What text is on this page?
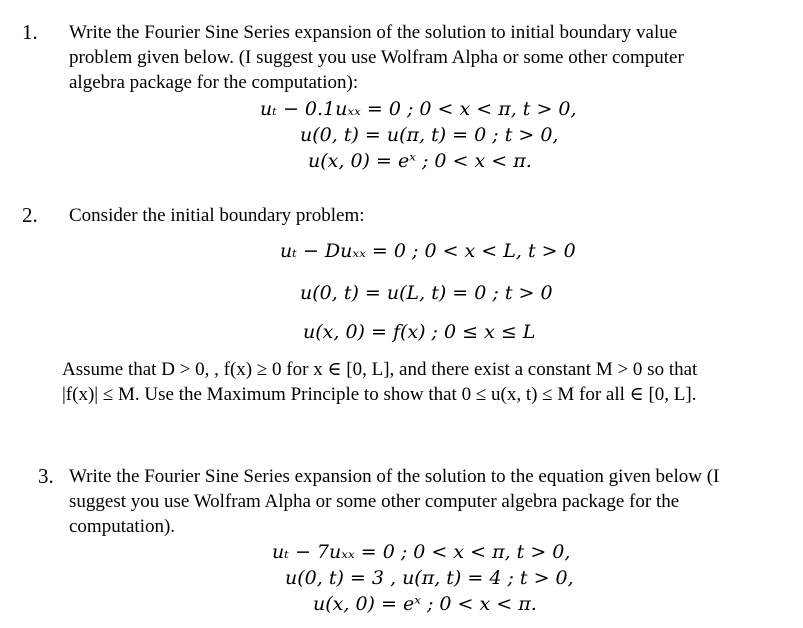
1. Write the Fourier Sine Series expansion of the solution to initial boundary value
problem given below. (I suggest you use Wolfram Alpha or some other computer
algebra package for the computation):
uₜ − 0.1uₓₓ = 0 ; 0 < x < π, t > 0,
u(0, t) = u(π, t) = 0 ; t > 0,
u(x, 0) = eˣ ; 0 < x < π.
2. Consider the initial boundary problem:
uₜ − Duₓₓ = 0 ; 0 < x < L, t > 0
u(0, t) = u(L, t) = 0 ; t > 0
u(x, 0) = f(x) ; 0 ≤ x ≤ L
Assume that D > 0, , f(x) ≥ 0 for x ∈ [0, L], and there exist a constant M > 0 so that
|f(x)| ≤ M. Use the Maximum Principle to show that 0 ≤ u(x, t) ≤ M for all ∈ [0, L].
3. Write the Fourier Sine Series expansion of the solution to the equation given below (I
suggest you use Wolfram Alpha or some other computer algebra package for the
computation).
uₜ − 7uₓₓ = 0 ; 0 < x < π, t > 0,
u(0, t) = 3 , u(π, t) = 4 ; t > 0,
u(x, 0) = eˣ ; 0 < x < π.
